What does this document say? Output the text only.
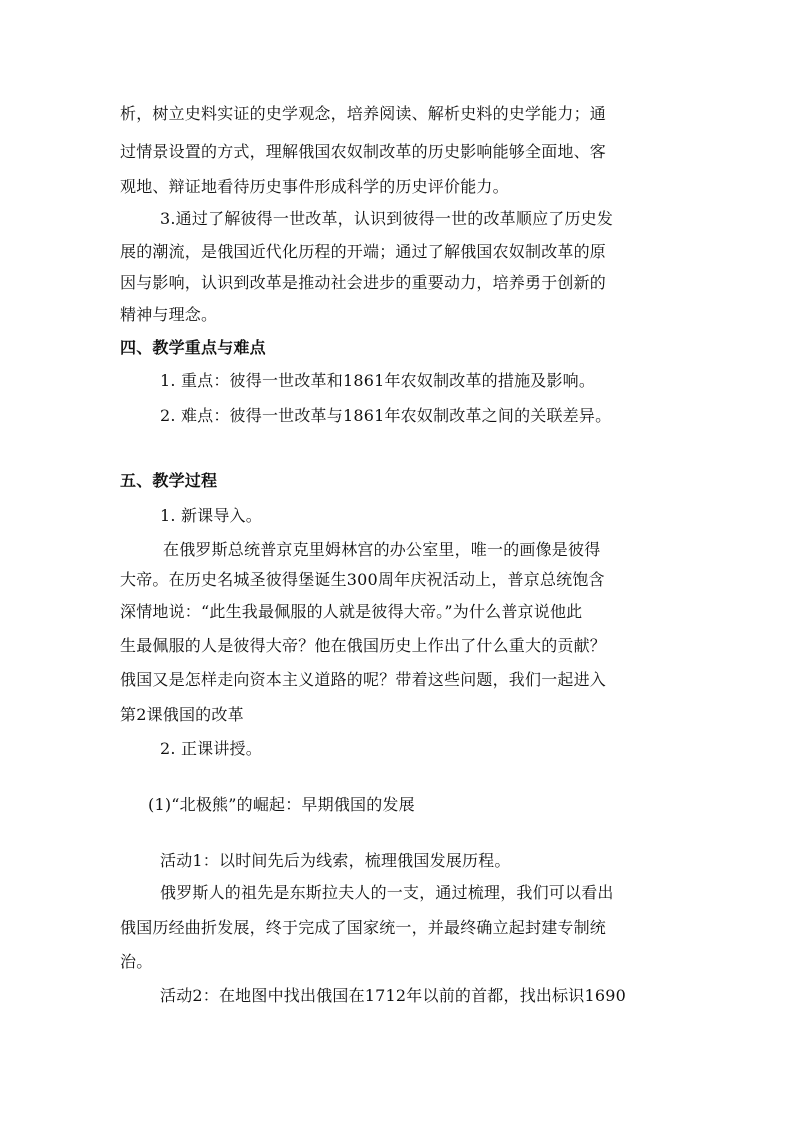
析，树立史料实证的史学观念，培养阅读、解析史料的史学能力；通
过情景设置的方式，理解俄国农奴制改革的历史影响能够全面地、客
观地、辩证地看待历史事件形成科学的历史评价能力。
3.通过了解彼得一世改革，认识到彼得一世的改革顺应了历史发
展的潮流，是俄国近代化历程的开端；通过了解俄国农奴制改革的原
因与影响，认识到改革是推动社会进步的重要动力，培养勇于创新的
精神与理念。
四、教学重点与难点
1. 重点：彼得一世改革和1861年农奴制改革的措施及影响。
2. 难点：彼得一世改革与1861年农奴制改革之间的关联差异。
五、教学过程
1. 新课导入。
在俄罗斯总统普京克里姆林宫的办公室里，唯一的画像是彼得
大帝。在历史名城圣彼得堡诞生300周年庆祝活动上，普京总统饱含
深情地说：“此生我最佩服的人就是彼得大帝。”为什么普京说他此
生最佩服的人是彼得大帝？他在俄国历史上作出了什么重大的贡献？
俄国又是怎样走向资本主义道路的呢？带着这些问题，我们一起进入
第2课俄国的改革
2. 正课讲授。
(1)“北极熊”的崛起：早期俄国的发展
活动1：以时间先后为线索，梳理俄国发展历程。
俄罗斯人的祖先是东斯拉夫人的一支，通过梳理，我们可以看出
俄国历经曲折发展，终于完成了国家统一，并最终确立起封建专制统
治。
活动2：在地图中找出俄国在1712年以前的首都，找出标识1690
